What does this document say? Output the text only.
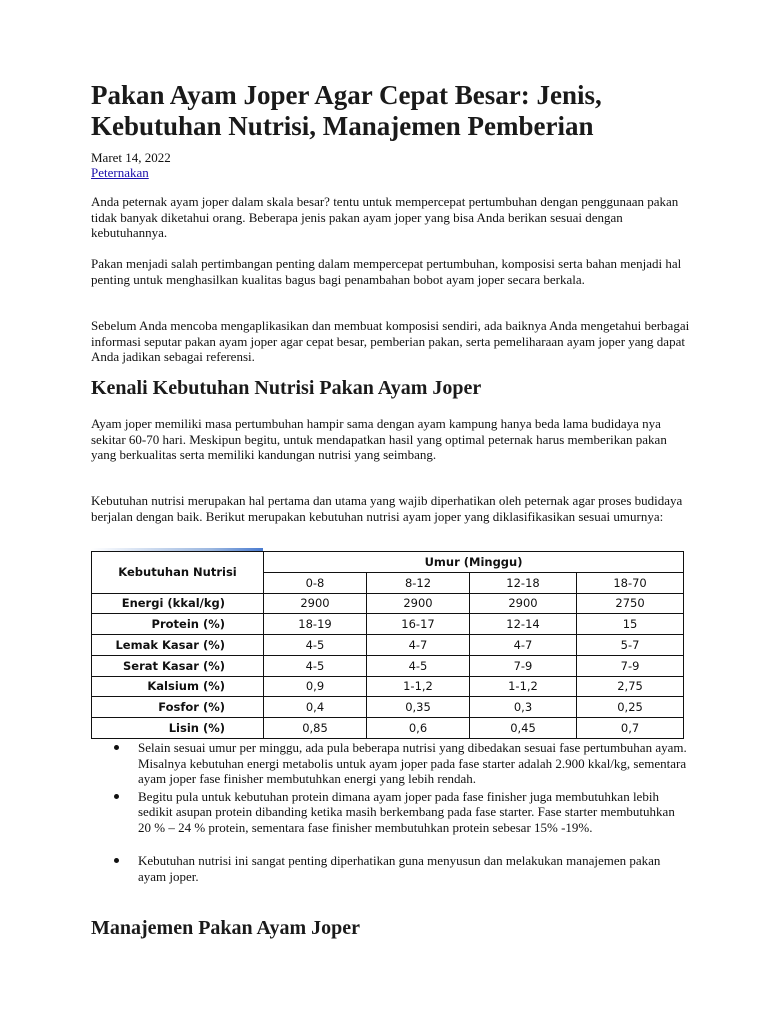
Pakan Ayam Joper Agar Cepat Besar: Jenis, Kebutuhan Nutrisi, Manajemen Pemberian
Maret 14, 2022
Peternakan

Anda peternak ayam joper dalam skala besar? tentu untuk mempercepat pertumbuhan dengan penggunaan pakan tidak banyak diketahui orang. Beberapa jenis pakan ayam joper yang bisa Anda berikan sesuai dengan kebutuhannya.

Pakan menjadi salah pertimbangan penting dalam mempercepat pertumbuhan, komposisi serta bahan menjadi hal penting untuk menghasilkan kualitas bagus bagi penambahan bobot ayam joper secara berkala.

Sebelum Anda mencoba mengaplikasikan dan membuat komposisi sendiri, ada baiknya Anda mengetahui berbagai informasi seputar pakan ayam joper agar cepat besar, pemberian pakan, serta pemeliharaan ayam joper yang dapat Anda jadikan sebagai referensi.

Kenali Kebutuhan Nutrisi Pakan Ayam Joper

Ayam joper memiliki masa pertumbuhan hampir sama dengan ayam kampung hanya beda lama budidaya nya sekitar 60-70 hari. Meskipun begitu, untuk mendapatkan hasil yang optimal peternak harus memberikan pakan yang berkualitas serta memiliki kandungan nutrisi yang seimbang.

Kebutuhan nutrisi merupakan hal pertama dan utama yang wajib diperhatikan oleh peternak agar proses budidaya berjalan dengan baik. Berikut merupakan kebutuhan nutrisi ayam joper yang diklasifikasikan sesuai umurnya:

Kebutuhan Nutrisi	Umur (Minggu)			
	0-8	8-12	12-18	18-70
Energi (kkal/kg)	2900	2900	2900	2750
Protein (%)	18-19	16-17	12-14	15
Lemak Kasar (%)	4-5	4-7	4-7	5-7
Serat Kasar (%)	4-5	4-5	7-9	7-9
Kalsium (%)	0,9	1-1,2	1-1,2	2,75
Fosfor (%)	0,4	0,35	0,3	0,25
Lisin (%)	0,85	0,6	0,45	0,7
Selain sesuai umur per minggu, ada pula beberapa nutrisi yang dibedakan sesuai fase pertumbuhan ayam. Misalnya kebutuhan energi metabolis untuk ayam joper pada fase starter adalah 2.900 kkal/kg, sementara ayam joper fase finisher membutuhkan energi yang lebih rendah.
Begitu pula untuk kebutuhan protein dimana ayam joper pada fase finisher juga membutuhkan lebih sedikit asupan protein dibanding ketika masih berkembang pada fase starter. Fase starter membutuhkan 20 % – 24 % protein, sementara fase finisher membutuhkan protein sebesar 15% -19%.
Kebutuhan nutrisi ini sangat penting diperhatikan guna menyusun dan melakukan manajemen pakan ayam joper.
Manajemen Pakan Ayam Joper
